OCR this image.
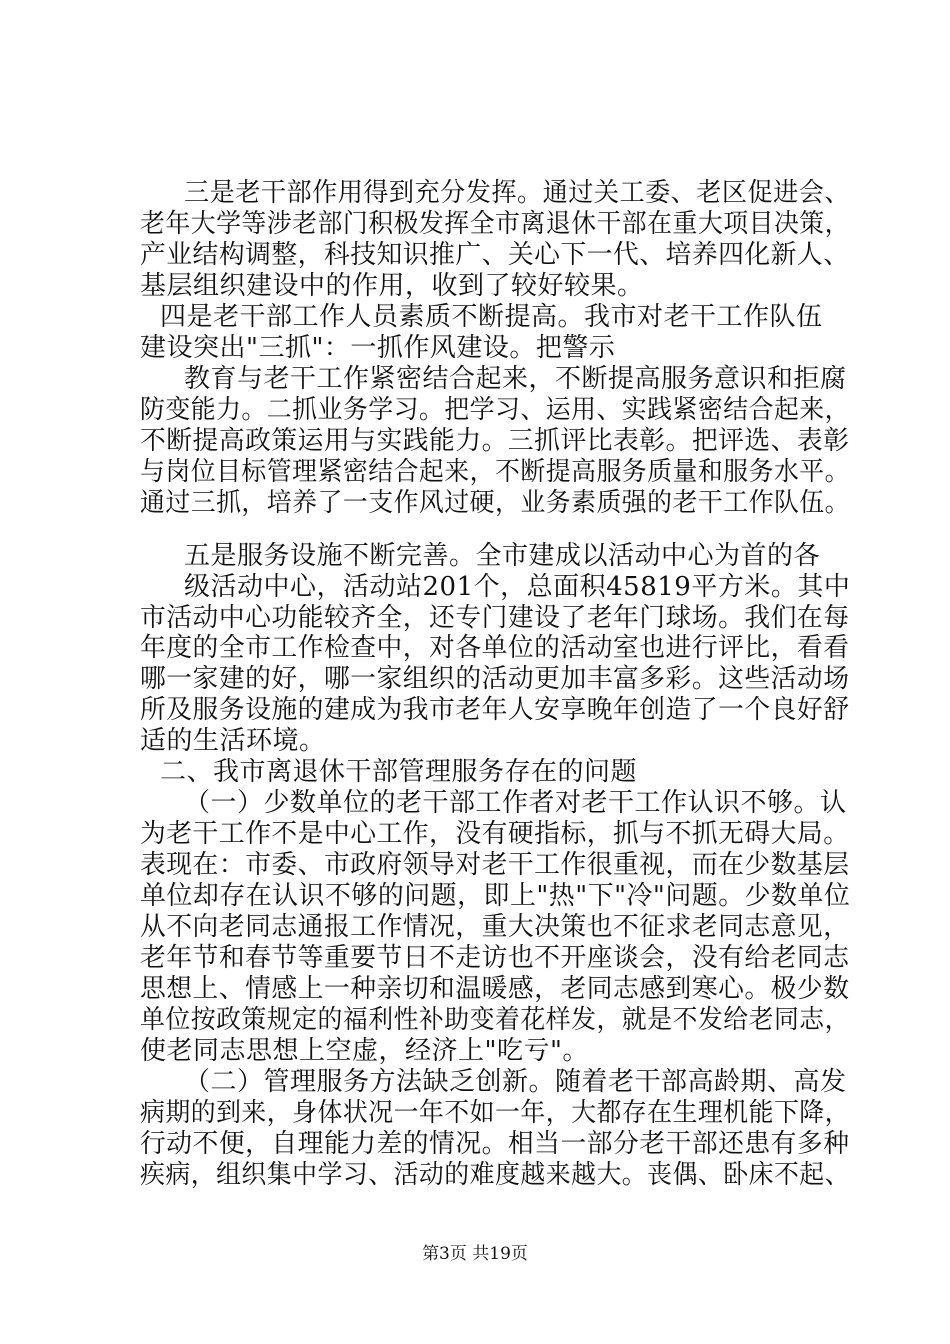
三是老干部作用得到充分发挥。通过关工委、老区促进会、
老年大学等涉老部门积极发挥全市离退休干部在重大项目决策，
产业结构调整，科技知识推广、关心下一代、培养四化新人、
基层组织建设中的作用，收到了较好较果。
四是老干部工作人员素质不断提高。我市对老干工作队伍
建设突出"三抓"：一抓作风建设。把警示
教育与老干工作紧密结合起来，不断提高服务意识和拒腐
防变能力。二抓业务学习。把学习、运用、实践紧密结合起来，
不断提高政策运用与实践能力。三抓评比表彰。把评选、表彰
与岗位目标管理紧密结合起来，不断提高服务质量和服务水平。
通过三抓，培养了一支作风过硬，业务素质强的老干工作队伍。
五是服务设施不断完善。全市建成以活动中心为首的各
级活动中心，活动站201个，总面积45819平方米。其中
市活动中心功能较齐全，还专门建设了老年门球场。我们在每
年度的全市工作检查中，对各单位的活动室也进行评比，看看
哪一家建的好，哪一家组织的活动更加丰富多彩。这些活动场
所及服务设施的建成为我市老年人安享晚年创造了一个良好舒
适的生活环境。
二、我市离退休干部管理服务存在的问题
（一）少数单位的老干部工作者对老干工作认识不够。认
为老干工作不是中心工作，没有硬指标，抓与不抓无碍大局。
表现在：市委、市政府领导对老干工作很重视，而在少数基层
单位却存在认识不够的问题，即上"热"下"冷"问题。少数单位
从不向老同志通报工作情况，重大决策也不征求老同志意见，
老年节和春节等重要节日不走访也不开座谈会，没有给老同志
思想上、情感上一种亲切和温暖感，老同志感到寒心。极少数
单位按政策规定的福利性补助变着花样发，就是不发给老同志，
使老同志思想上空虚，经济上"吃亏"。
（二）管理服务方法缺乏创新。随着老干部高龄期、高发
病期的到来，身体状况一年不如一年，大都存在生理机能下降，
行动不便，自理能力差的情况。相当一部分老干部还患有多种
疾病，组织集中学习、活动的难度越来越大。丧偶、卧床不起、
第3页 共19页
